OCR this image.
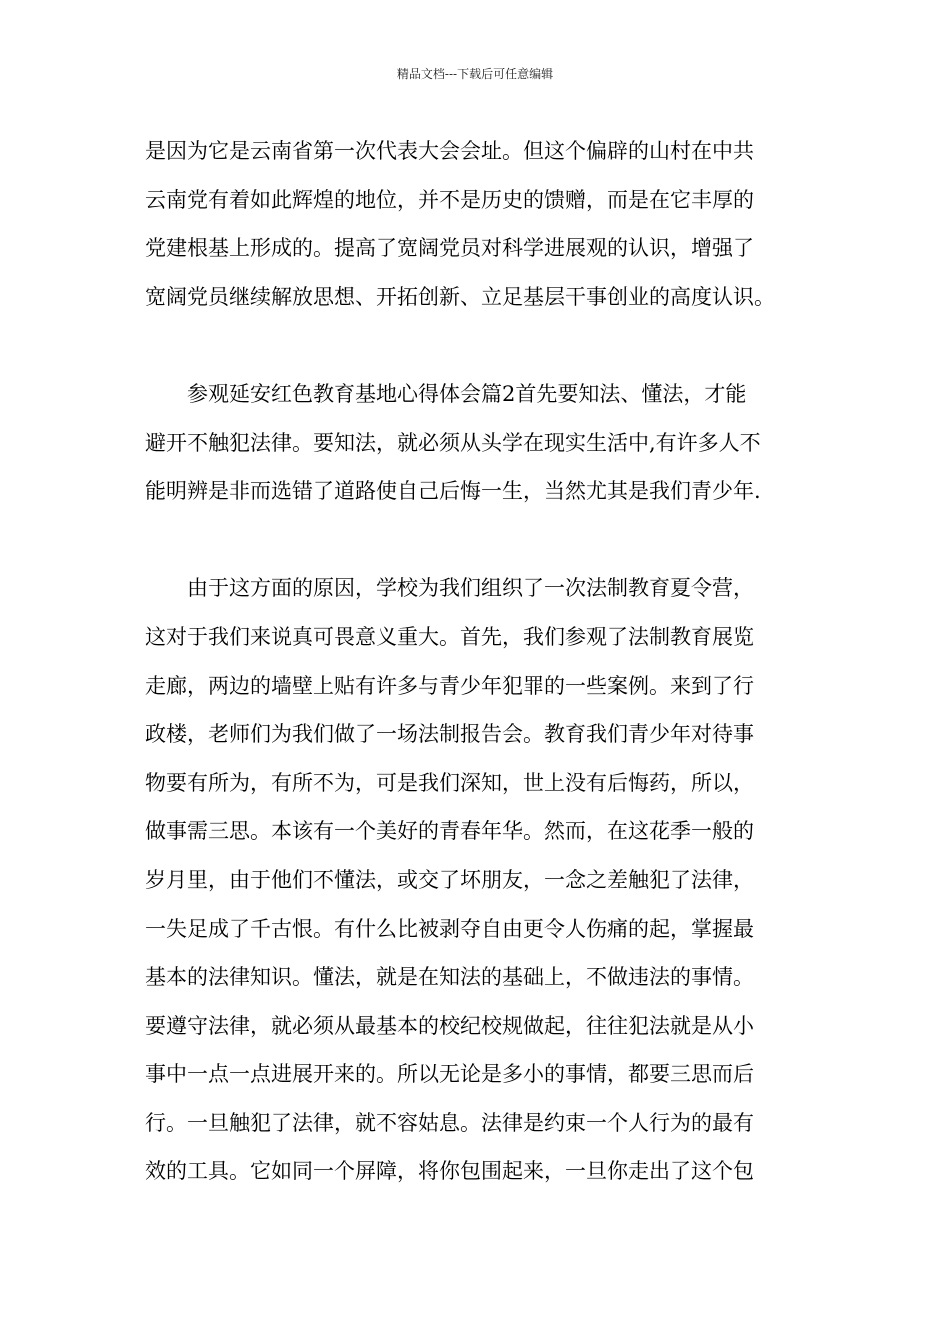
精品文档---下载后可任意编辑
是因为它是云南省第一次代表大会会址。但这个偏辟的山村在中共
云南党有着如此辉煌的地位，并不是历史的馈赠，而是在它丰厚的
党建根基上形成的。提高了宽阔党员对科学进展观的认识，增强了
宽阔党员继续解放思想、开拓创新、立足基层干事创业的高度认识。
参观延安红色教育基地心得体会篇2首先要知法、懂法，才能
避开不触犯法律。要知法，就必须从头学在现实生活中,有许多人不
能明辨是非而选错了道路使自己后悔一生，当然尤其是我们青少年.
由于这方面的原因，学校为我们组织了一次法制教育夏令营，
这对于我们来说真可畏意义重大。首先，我们参观了法制教育展览
走廊，两边的墙壁上贴有许多与青少年犯罪的一些案例。来到了行
政楼，老师们为我们做了一场法制报告会。教育我们青少年对待事
物要有所为，有所不为，可是我们深知，世上没有后悔药，所以，
做事需三思。本该有一个美好的青春年华。然而，在这花季一般的
岁月里，由于他们不懂法，或交了坏朋友，一念之差触犯了法律，
一失足成了千古恨。有什么比被剥夺自由更令人伤痛的起，掌握最
基本的法律知识。懂法，就是在知法的基础上，不做违法的事情。
要遵守法律，就必须从最基本的校纪校规做起，往往犯法就是从小
事中一点一点进展开来的。所以无论是多小的事情，都要三思而后
行。一旦触犯了法律，就不容姑息。法律是约束一个人行为的最有
效的工具。它如同一个屏障，将你包围起来，一旦你走出了这个包
